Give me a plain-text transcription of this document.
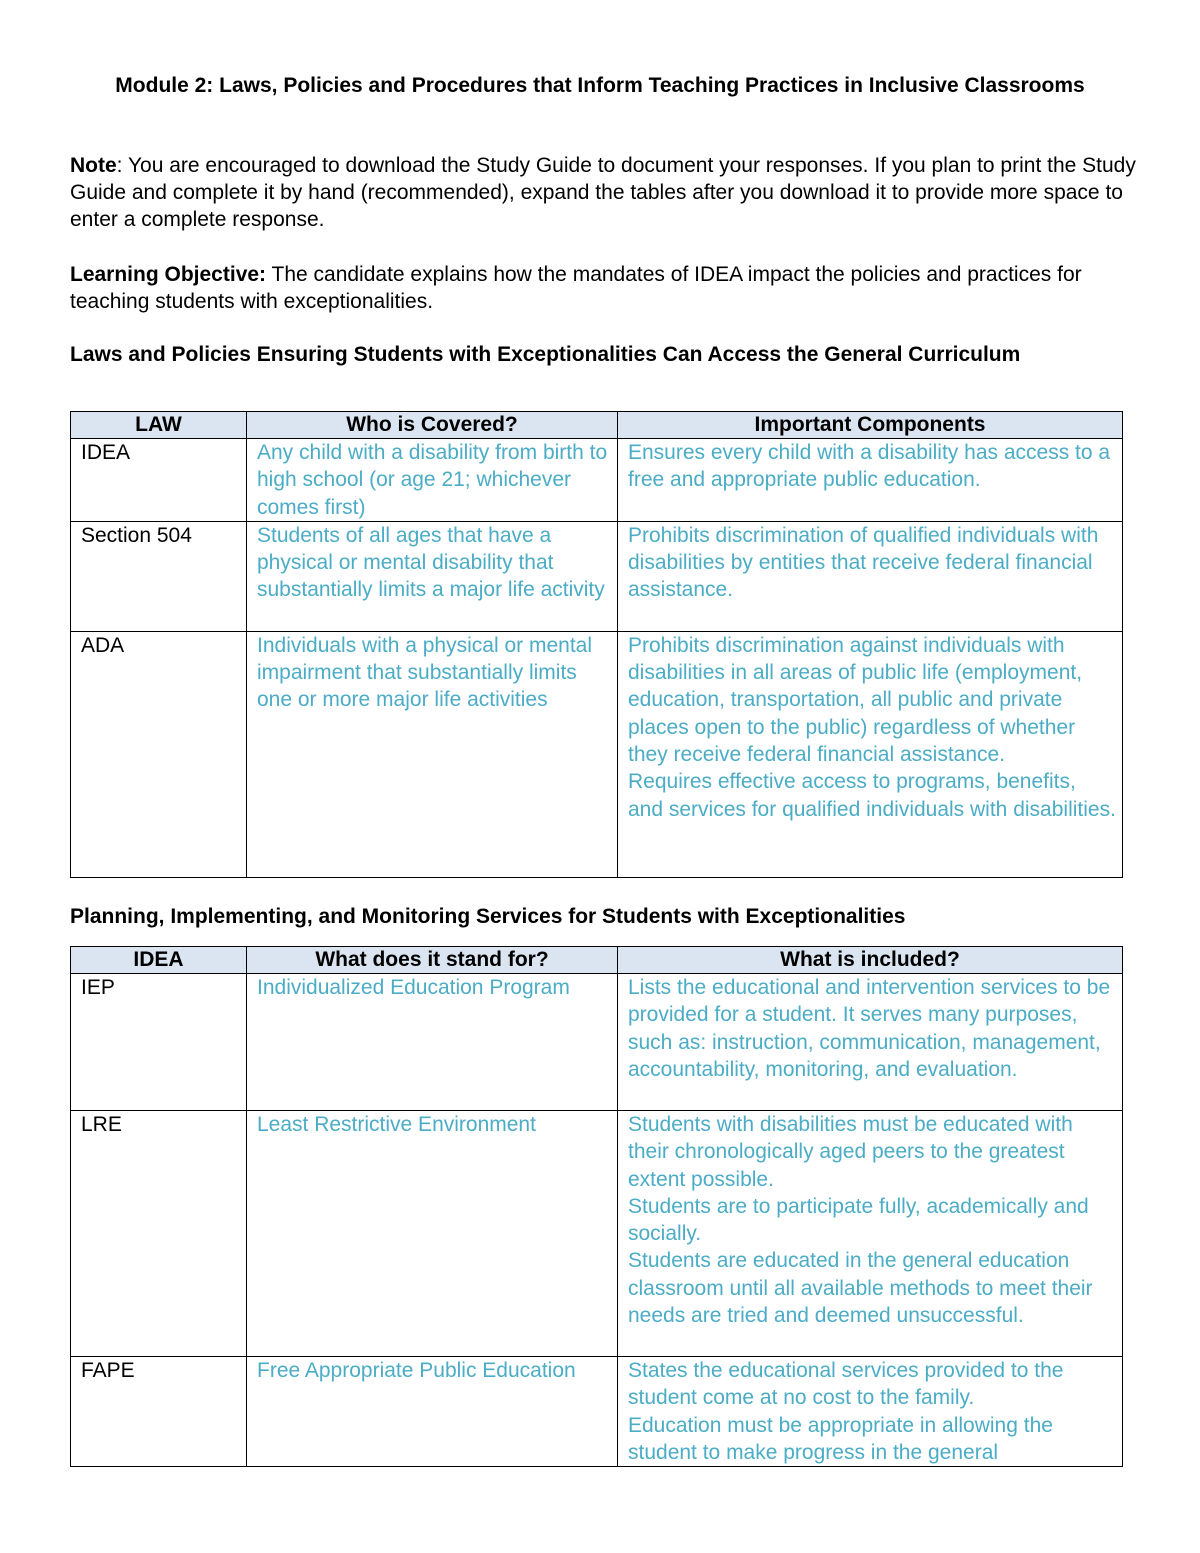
Module 2: Laws, Policies and Procedures that Inform Teaching Practices in Inclusive Classrooms

Note: You are encouraged to download the Study Guide to document your responses. If you plan to print the Study Guide and complete it by hand (recommended), expand the tables after you download it to provide more space to enter a complete response.

Learning Objective: The candidate explains how the mandates of IDEA impact the policies and practices for teaching students with exceptionalities.

Laws and Policies Ensuring Students with Exceptionalities Can Access the General Curriculum

LAW	Who is Covered?	Important Components
IDEA	Any child with a disability from birth to high school (or age 21; whichever comes first)	Ensures every child with a disability has access to a free and appropriate public education.

Section 504	Students of all ages that have a physical or mental disability that substantially limits a major life activity	Prohibits discrimination of qualified individuals with disabilities by entities that receive federal financial assistance.

ADA	Individuals with a physical or mental impairment that substantially limits one or more major life activities	Prohibits discrimination against individuals with disabilities in all areas of public life (employment, education, transportation, all public and private places open to the public) regardless of whether they receive federal financial assistance.
Requires effective access to programs, benefits, and services for qualified individuals with disabilities.

Planning, Implementing, and Monitoring Services for Students with Exceptionalities

IDEA	What does it stand for?	What is included?
IEP	Individualized Education Program	Lists the educational and intervention services to be provided for a student. It serves many purposes, such as: instruction, communication, management, accountability, monitoring, and evaluation.

LRE	Least Restrictive Environment	Students with disabilities must be educated with their chronologically aged peers to the greatest extent possible.
Students are to participate fully, academically and socially.
Students are educated in the general education classroom until all available methods to meet their needs are tried and deemed unsuccessful.

FAPE	Free Appropriate Public Education	States the educational services provided to the student come at no cost to the family.
Education must be appropriate in allowing the student to make progress in the general
